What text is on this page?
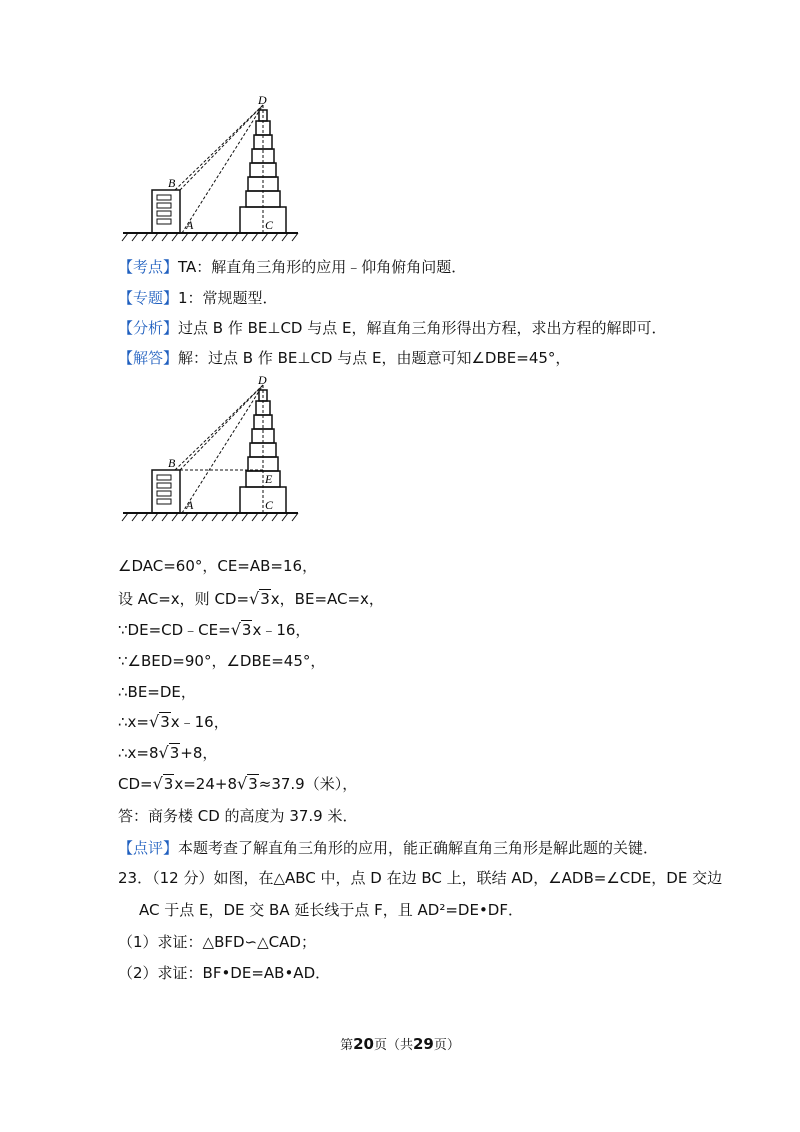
D
B
A	C
【考点】TA：解直角三角形的应用﹣仰角俯角问题．
【专题】1：常规题型．
【分析】过点 B 作 BE⊥CD 与点 E，解直角三角形得出方程，求出方程的解即可．
【解答】解：过点 B 作 BE⊥CD 与点 E，由题意可知∠DBE=45°，
D
B
E
A	C
∠DAC=60°，CE=AB=16，
设 AC=x，则 CD=√3x，BE=AC=x，
∵DE=CD﹣CE=√3x﹣16，
∵∠BED=90°，∠DBE=45°，
∴BE=DE，
∴x=√3x﹣16，
∴x=8√3+8，
CD=√3x=24+8√3≈37.9（米），
答：商务楼 CD 的高度为 37.9 米．
【点评】本题考查了解直角三角形的应用，能正确解直角三角形是解此题的关键．
23．（12 分）如图，在△ABC 中，点 D 在边 BC 上，联结 AD，∠ADB=∠CDE，DE 交边
AC 于点 E，DE 交 BA 延长线于点 F，且 AD²=DE•DF．
（1）求证：△BFD∽△CAD；
（2）求证：BF•DE=AB•AD．
第20页（共29页）
